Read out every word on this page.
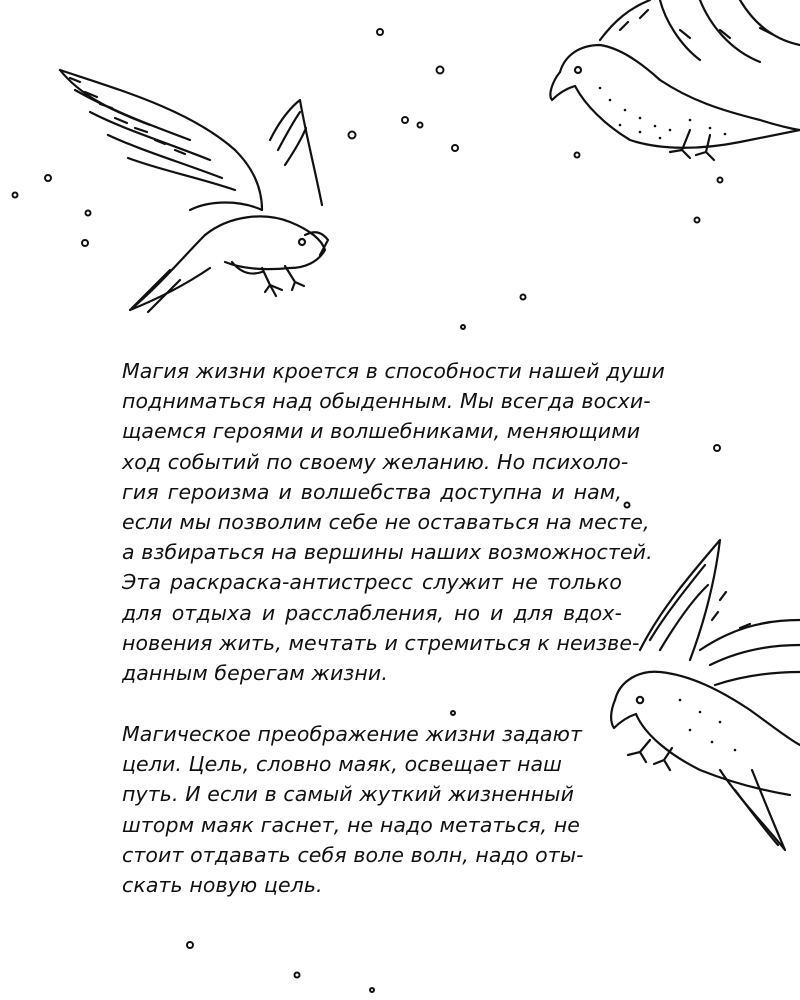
Магия жизни кроется в способности нашей души
подниматься над обыденным. Мы всегда восхи-
щаемся героями и волшебниками, меняющими
ход событий по своему желанию. Но психоло-
гия героизма и волшебства доступна и нам,
если мы позволим себе не оставаться на месте,
а взбираться на вершины наших возможностей.
Эта раскраска-антистресс служит не только
для отдыха и расслабления, но и для вдох-
новения жить, мечтать и стремиться к неизве-
данным берегам жизни.
Магическое преображение жизни задают
цели. Цель, словно маяк, освещает наш
путь. И если в самый жуткий жизненный
шторм маяк гаснет, не надо метаться, не
стоит отдавать себя воле волн, надо оты-
скать новую цель.
